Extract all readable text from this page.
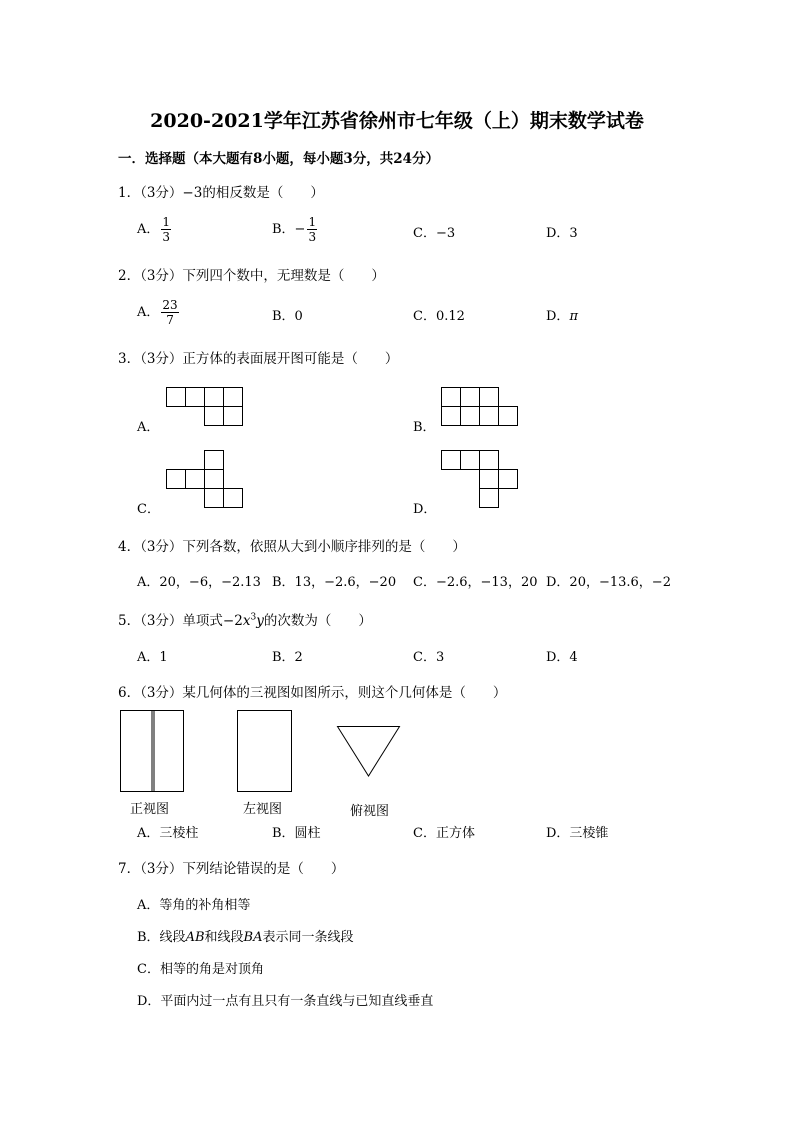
2020-2021学年江苏省徐州市七年级（上）期末数学试卷
一．选择题（本大题有8小题，每小题3分，共24分）
1．（3分）−3的相反数是（　　）
A． $\frac{1}{3}$	B．− $\frac{1}{3}$	C．−3	D．3
2．（3分）下列四个数中，无理数是（　　）
A． $\frac{23}{7}$	B．0	C．0.12	D．π
3．（3分）正方体的表面展开图可能是（　　）
A．	B．
C．	D．
4．（3分）下列各数，依照从大到小顺序排列的是（　　）
A．20，−6，−2.13 B．13，−2.6，−20 C．−2.6，−13，20 D．20，−13.6，−2
5．（3分）单项式$-2x^3y$的次数为（　　）
A．1	B．2	C．3	D．4
6．（3分）某几何体的三视图如图所示，则这个几何体是（　　）
正视图	左视图	俯视图
A．三棱柱	B．圆柱	C．正方体	D．三棱锥
7．（3分）下列结论错误的是（　　）
A．等角的补角相等
B．线段AB和线段BA表示同一条线段
C．相等的角是对顶角
D．平面内过一点有且只有一条直线与已知直线垂直
